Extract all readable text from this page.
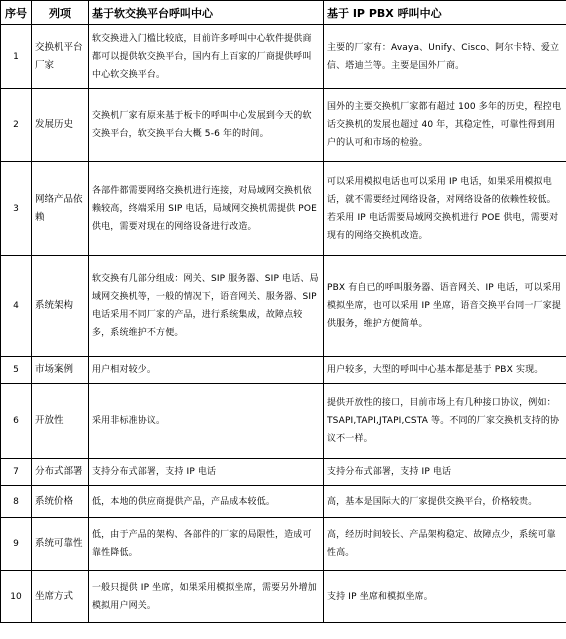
序号	列项	基于软交换平台呼叫中心	基于 IP PBX 呼叫中心
1	交换机平台厂家	软交换进入门槛比较底，目前许多呼叫中心软件提供商都可以提供软交换平台，国内有上百家的厂商提供呼叫中心软交换平台。	主要的厂家有：Avaya、Unify、Cisco、阿尔卡特、爱立信、塔迪兰等。主要是国外厂商。
2	发展历史	交换机厂家有原来基于板卡的呼叫中心发展到今天的软交换平台，软交换平台大概 5-6 年的时间。	国外的主要交换机厂家都有超过 100 多年的历史，程控电话交换机的发展也超过 40 年，其稳定性，可靠性得到用户的认可和市场的检验。
3	网络产品依赖	各部件都需要网络交换机进行连接，对局域网交换机依赖较高，终端采用 SIP 电话，局域网交换机需提供 POE 供电，需要对现在的网络设备进行改造。	可以采用模拟电话也可以采用 IP 电话，如果采用模拟电话，就不需要经过网络设备，对网络设备的依赖性较低。若采用 IP 电话需要局域网交换机进行 POE 供电，需要对现有的网络交换机改造。
4	系统架构	软交换有几部分组成：网关、SIP 服务器、SIP 电话、局域网交换机等，一般的情况下，语音网关、服务器、SIP 电话采用不同厂家的产品，进行系统集成，故障点较多，系统维护不方便。	PBX 有自已的呼叫服务器、语音网关、IP 电话，可以采用模拟坐席，也可以采用 IP 坐席，语音交换平台同一厂家提供服务，维护方便简单。
5	市场案例	用户相对较少。	用户较多，大型的呼叫中心基本都是基于 PBX 实现。
6	开放性	采用非标准协议。	提供开放性的接口，目前市场上有几种接口协议，例如：TSAPI,TAPI,JTAPI,CSTA 等。不同的厂家交换机支持的协议不一样。
7	分布式部署	支持分布式部署，支持 IP 电话	支持分布式部署，支持 IP 电话
8	系统价格	低，本地的供应商提供产品，产品成本较低。	高，基本是国际大的厂家提供交换平台，价格较贵。
9	系统可靠性	低，由于产品的架构、各部件的厂家的局限性，造成可靠性降低。	高，经历时间较长、产品架构稳定、故障点少，系统可靠性高。
10	坐席方式	一般只提供 IP 坐席，如果采用模拟坐席，需要另外增加模拟用户网关。	支持 IP 坐席和模拟坐席。
